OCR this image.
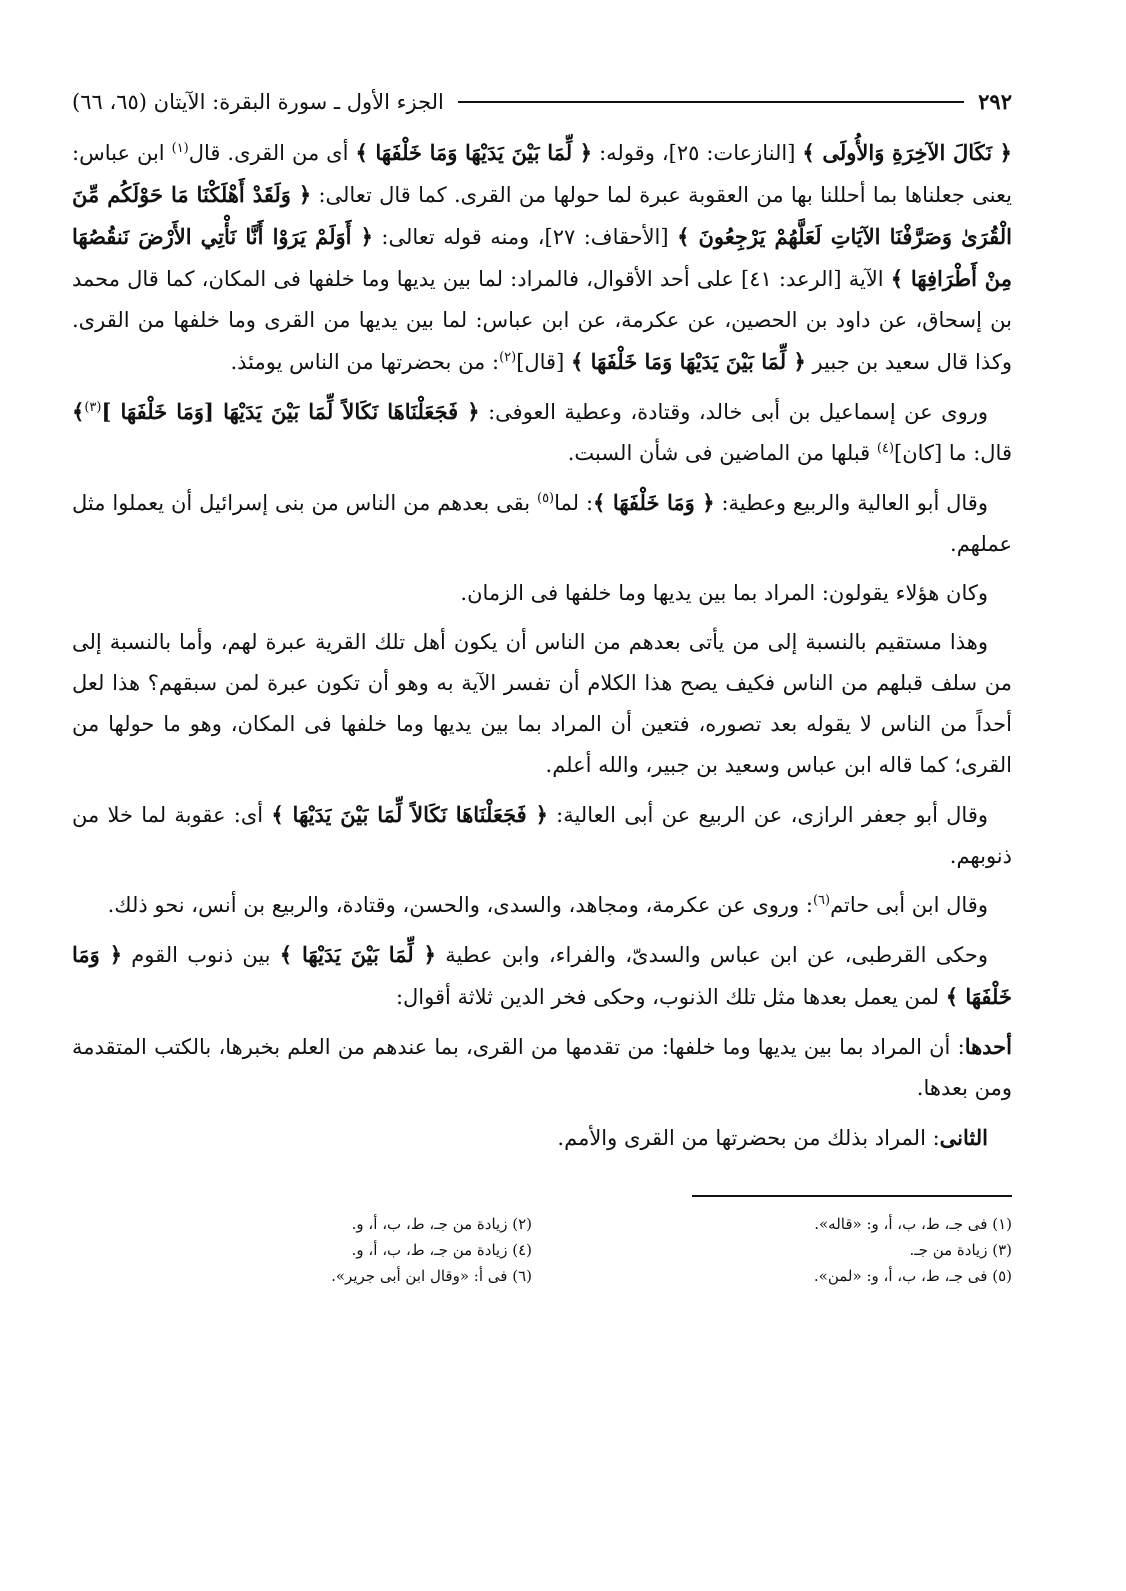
٢٩٢
الجزء الأول ـ سورة البقرة: الآيتان (٦٥، ٦٦)

﴿ نَكَالَ الآخِرَةِ وَالأُولَى ﴾ [النازعات: ٢٥]، وقوله: ﴿ لِّمَا بَيْنَ يَدَيْهَا وَمَا خَلْفَهَا ﴾ أى من القرى. قال$^{(١)}$ ابن عباس: يعنى جعلناها بما أحللنا بها من العقوبة عبرة لما حولها من القرى. كما قال تعالى: ﴿ وَلَقَدْ أَهْلَكْنَا مَا حَوْلَكُم مِّنَ الْقُرَىٰ وَصَرَّفْنَا الآيَاتِ لَعَلَّهُمْ يَرْجِعُونَ ﴾ [الأحقاف: ٢٧]، ومنه قوله تعالى: ﴿ أَوَلَمْ يَرَوْا أَنَّا نَأْتِي الأَرْضَ نَنقُصُهَا مِنْ أَطْرَافِهَا ﴾ الآية [الرعد: ٤١] على أحد الأقوال، فالمراد: لما بين يديها وما خلفها فى المكان، كما قال محمد بن إسحاق، عن داود بن الحصين، عن عكرمة، عن ابن عباس: لما بين يديها من القرى وما خلفها من القرى. وكذا قال سعيد بن جبير ﴿ لِّمَا بَيْنَ يَدَيْهَا وَمَا خَلْفَهَا ﴾ [قال]$^{(٢)}$: من بحضرتها من الناس يومئذ.

وروى عن إسماعيل بن أبى خالد، وقتادة، وعطية العوفى: ﴿ فَجَعَلْنَاهَا نَكَالاً لِّمَا بَيْنَ يَدَيْهَا [وَمَا خَلْفَهَا ]$^{(٣)}$﴾ قال: ما [كان]$^{(٤)}$ قبلها من الماضين فى شأن السبت.

وقال أبو العالية والربيع وعطية: ﴿ وَمَا خَلْفَهَا ﴾: لما$^{(٥)}$ بقى بعدهم من الناس من بنى إسرائيل أن يعملوا مثل عملهم.

وكان هؤلاء يقولون: المراد بما بين يديها وما خلفها فى الزمان.

وهذا مستقيم بالنسبة إلى من يأتى بعدهم من الناس أن يكون أهل تلك القرية عبرة لهم، وأما بالنسبة إلى من سلف قبلهم من الناس فكيف يصح هذا الكلام أن تفسر الآية به وهو أن تكون عبرة لمن سبقهم؟ هذا لعل أحداً من الناس لا يقوله بعد تصوره، فتعين أن المراد بما بين يديها وما خلفها فى المكان، وهو ما حولها من القرى؛ كما قاله ابن عباس وسعيد بن جبير، والله أعلم.

وقال أبو جعفر الرازى، عن الربيع عن أبى العالية: ﴿ فَجَعَلْنَاهَا نَكَالاً لِّمَا بَيْنَ يَدَيْهَا ﴾ أى: عقوبة لما خلا من ذنوبهم.

وقال ابن أبى حاتم$^{(٦)}$: وروى عن عكرمة، ومجاهد، والسدى، والحسن، وقتادة، والربيع بن أنس، نحو ذلك.

وحكى القرطبى، عن ابن عباس والسدىّ، والفراء، وابن عطية ﴿ لِّمَا بَيْنَ يَدَيْهَا ﴾ بين ذنوب القوم ﴿ وَمَا خَلْفَهَا ﴾ لمن يعمل بعدها مثل تلك الذنوب، وحكى فخر الدين ثلاثة أقوال:

أحدها: أن المراد بما بين يديها وما خلفها: من تقدمها من القرى، بما عندهم من العلم بخبرها، بالكتب المتقدمة ومن بعدها.

الثانى: المراد بذلك من بحضرتها من القرى والأمم.

(١) فى جـ، ط، ب، أ، و: «قاله».
(٢) زيادة من جـ، ط، ب، أ، و.
(٣) زيادة من جـ.
(٤) زيادة من جـ، ط، ب، أ، و.
(٥) فى جـ، ط، ب، أ، و: «لمن».
(٦) فى أ: «وقال ابن أبى جرير».
